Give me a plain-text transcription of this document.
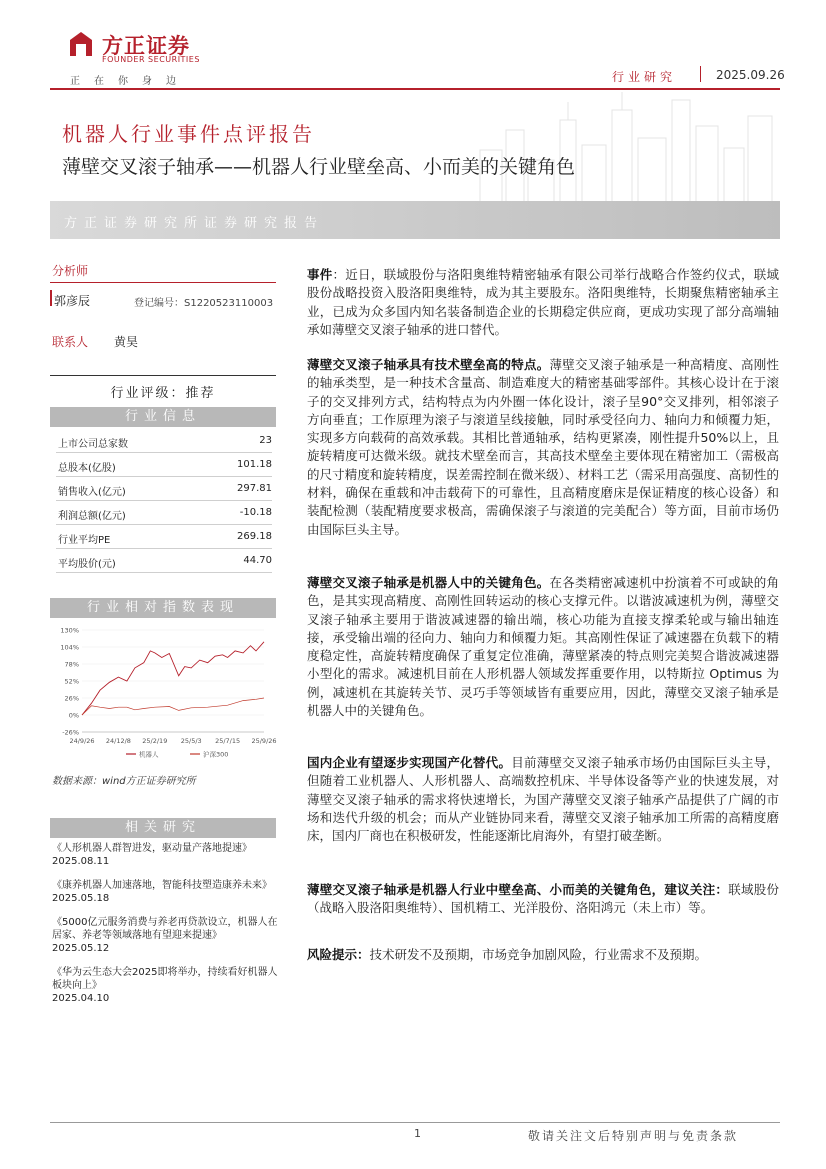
方正证券
FOUNDER SECURITIES
正在你身边	行业研究	2025.09.26
机器人行业事件点评报告
薄壁交叉滚子轴承——机器人行业壁垒高、小而美的关键角色
方正证券研究所证券研究报告
分析师
郭彦辰	登记编号：S1220523110003
联系人 黄昊
行业评级：推荐
行业信息
上市公司总家数	23
总股本(亿股)	101.18
销售收入(亿元)	297.81
利润总额(亿元)	-10.18
行业平均PE	269.18
平均股价(元)	44.70
行业相对指数表现
130%
104%
78%
52%
26%
0%
-26%
24/9/26 24/12/8 25/2/19 25/5/3 25/7/15 25/9/26
机器人	沪深300
数据来源：wind方正证券研究所
相关研究
《人形机器人群智进发，驱动量产落地提速》
2025.08.11
《康养机器人加速落地，智能科技塑造康养未来》
2025.05.18
《5000亿元服务消费与养老再贷款设立，机器人在居家、养老等领域落地有望迎来提速》
2025.05.12
《华为云生态大会2025即将举办，持续看好机器人板块向上》
2025.04.10

事件：近日，联域股份与洛阳奥维特精密轴承有限公司举行战略合作签约仪式，联域股份战略投资入股洛阳奥维特，成为其主要股东。洛阳奥维特，长期聚焦精密轴承主业，已成为众多国内知名装备制造企业的长期稳定供应商，更成功实现了部分高端轴承如薄壁交叉滚子轴承的进口替代。

薄壁交叉滚子轴承具有技术壁垒高的特点。薄壁交叉滚子轴承是一种高精度、高刚性的轴承类型，是一种技术含量高、制造难度大的精密基础零部件。其核心设计在于滚子的交叉排列方式，结构特点为内外圈一体化设计，滚子呈90°交叉排列，相邻滚子方向垂直；工作原理为滚子与滚道呈线接触，同时承受径向力、轴向力和倾覆力矩，实现多方向载荷的高效承载。其相比普通轴承，结构更紧凑，刚性提升50%以上，且旋转精度可达微米级。就技术壁垒而言，其高技术壁垒主要体现在精密加工（需极高的尺寸精度和旋转精度，误差需控制在微米级）、材料工艺（需采用高强度、高韧性的材料，确保在重载和冲击载荷下的可靠性，且高精度磨床是保证精度的核心设备）和装配检测（装配精度要求极高，需确保滚子与滚道的完美配合）等方面，目前市场仍由国际巨头主导。

薄壁交叉滚子轴承是机器人中的关键角色。在各类精密减速机中扮演着不可或缺的角色，是其实现高精度、高刚性回转运动的核心支撑元件。以谐波减速机为例，薄壁交叉滚子轴承主要用于谐波减速器的输出端，核心功能为直接支撑柔轮或与输出轴连接，承受输出端的径向力、轴向力和倾覆力矩。其高刚性保证了减速器在负载下的精度稳定性，高旋转精度确保了重复定位准确，薄壁紧凑的特点则完美契合谐波减速器小型化的需求。减速机目前在人形机器人领域发挥重要作用，以特斯拉 Optimus 为例，减速机在其旋转关节、灵巧手等领域皆有重要应用，因此，薄壁交叉滚子轴承是机器人中的关键角色。

国内企业有望逐步实现国产化替代。目前薄壁交叉滚子轴承市场仍由国际巨头主导，但随着工业机器人、人形机器人、高端数控机床、半导体设备等产业的快速发展，对薄壁交叉滚子轴承的需求将快速增长，为国产薄壁交叉滚子轴承产品提供了广阔的市场和迭代升级的机会；而从产业链协同来看，薄壁交叉滚子轴承加工所需的高精度磨床，国内厂商也在积极研发，性能逐渐比肩海外，有望打破垄断。

薄壁交叉滚子轴承是机器人行业中壁垒高、小而美的关键角色，建议关注：联域股份（战略入股洛阳奥维特）、国机精工、光洋股份、洛阳鸿元（未上市）等。

风险提示：技术研发不及预期，市场竞争加剧风险，行业需求不及预期。

1	敬请关注文后特别声明与免责条款
